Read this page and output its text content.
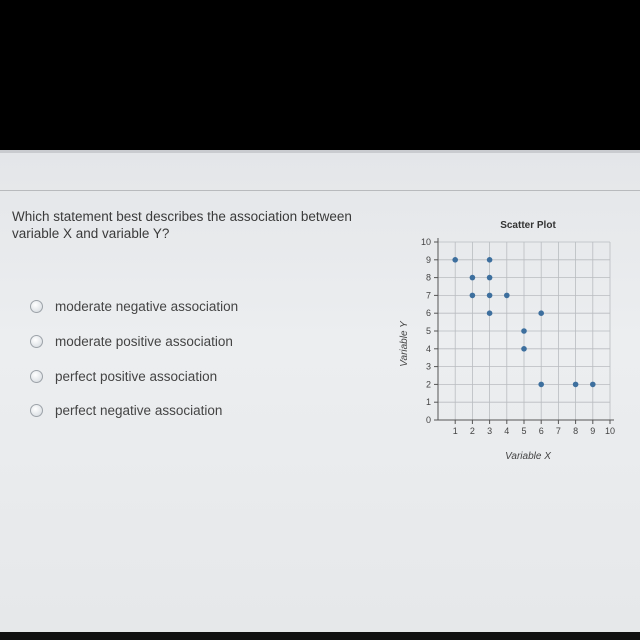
Which statement best describes the association between variable X and variable Y?
moderate negative association
moderate positive association
perfect positive association
perfect negative association
Scatter Plot
0
1
2
3
4
5
6
7
8
9
10
1 2 3 4 5 6 7 8 9 10
Variable X
Variable Y
